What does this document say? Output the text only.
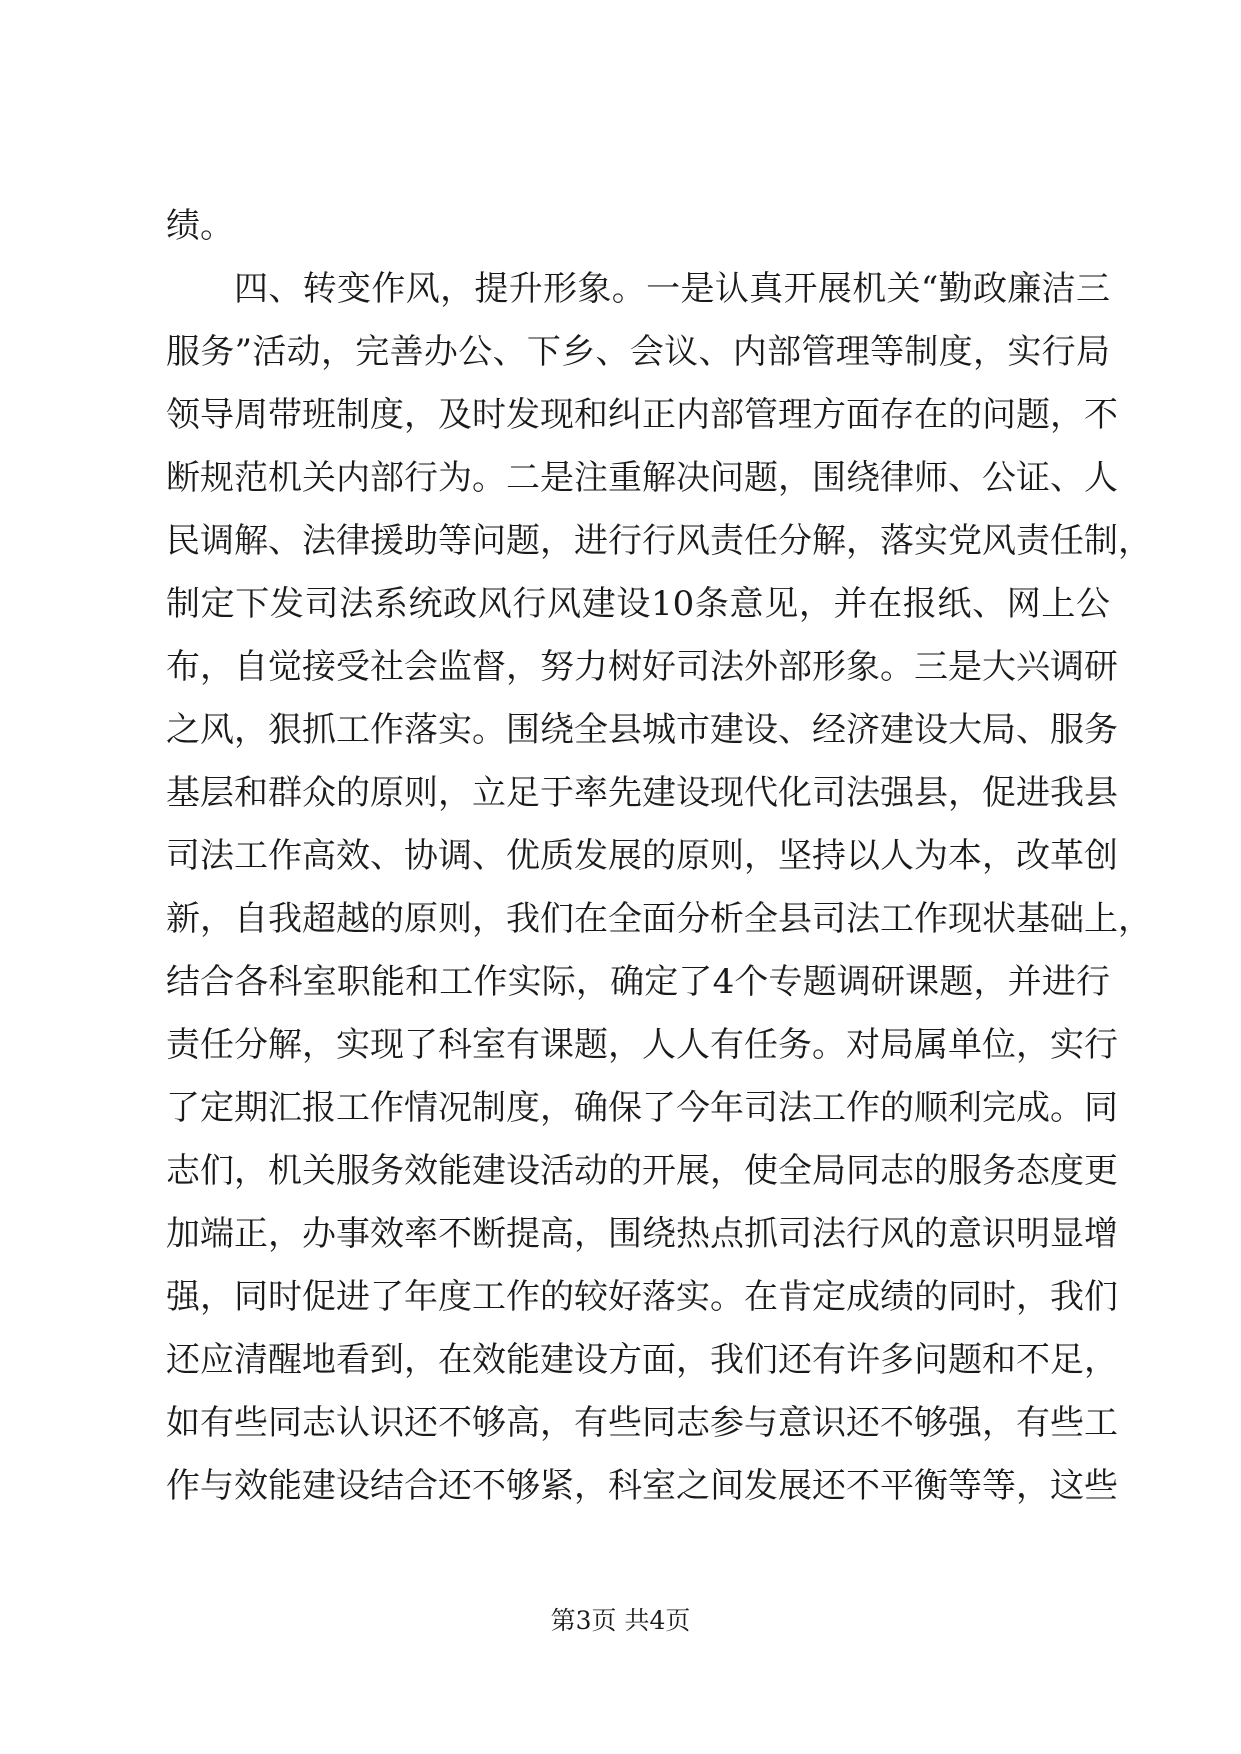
绩。
四、转变作风，提升形象。一是认真开展机关“勤政廉洁三
服务”活动，完善办公、下乡、会议、内部管理等制度，实行局
领导周带班制度，及时发现和纠正内部管理方面存在的问题，不
断规范机关内部行为。二是注重解决问题，围绕律师、公证、人
民调解、法律援助等问题，进行行风责任分解，落实党风责任制，
制定下发司法系统政风行风建设10条意见，并在报纸、网上公
布，自觉接受社会监督，努力树好司法外部形象。三是大兴调研
之风，狠抓工作落实。围绕全县城市建设、经济建设大局、服务
基层和群众的原则，立足于率先建设现代化司法强县，促进我县
司法工作高效、协调、优质发展的原则，坚持以人为本，改革创
新，自我超越的原则，我们在全面分析全县司法工作现状基础上，
结合各科室职能和工作实际，确定了4个专题调研课题，并进行
责任分解，实现了科室有课题，人人有任务。对局属单位，实行
了定期汇报工作情况制度，确保了今年司法工作的顺利完成。同
志们，机关服务效能建设活动的开展，使全局同志的服务态度更
加端正，办事效率不断提高，围绕热点抓司法行风的意识明显增
强，同时促进了年度工作的较好落实。在肯定成绩的同时，我们
还应清醒地看到，在效能建设方面，我们还有许多问题和不足，
如有些同志认识还不够高，有些同志参与意识还不够强，有些工
作与效能建设结合还不够紧，科室之间发展还不平衡等等，这些
第3页 共4页
